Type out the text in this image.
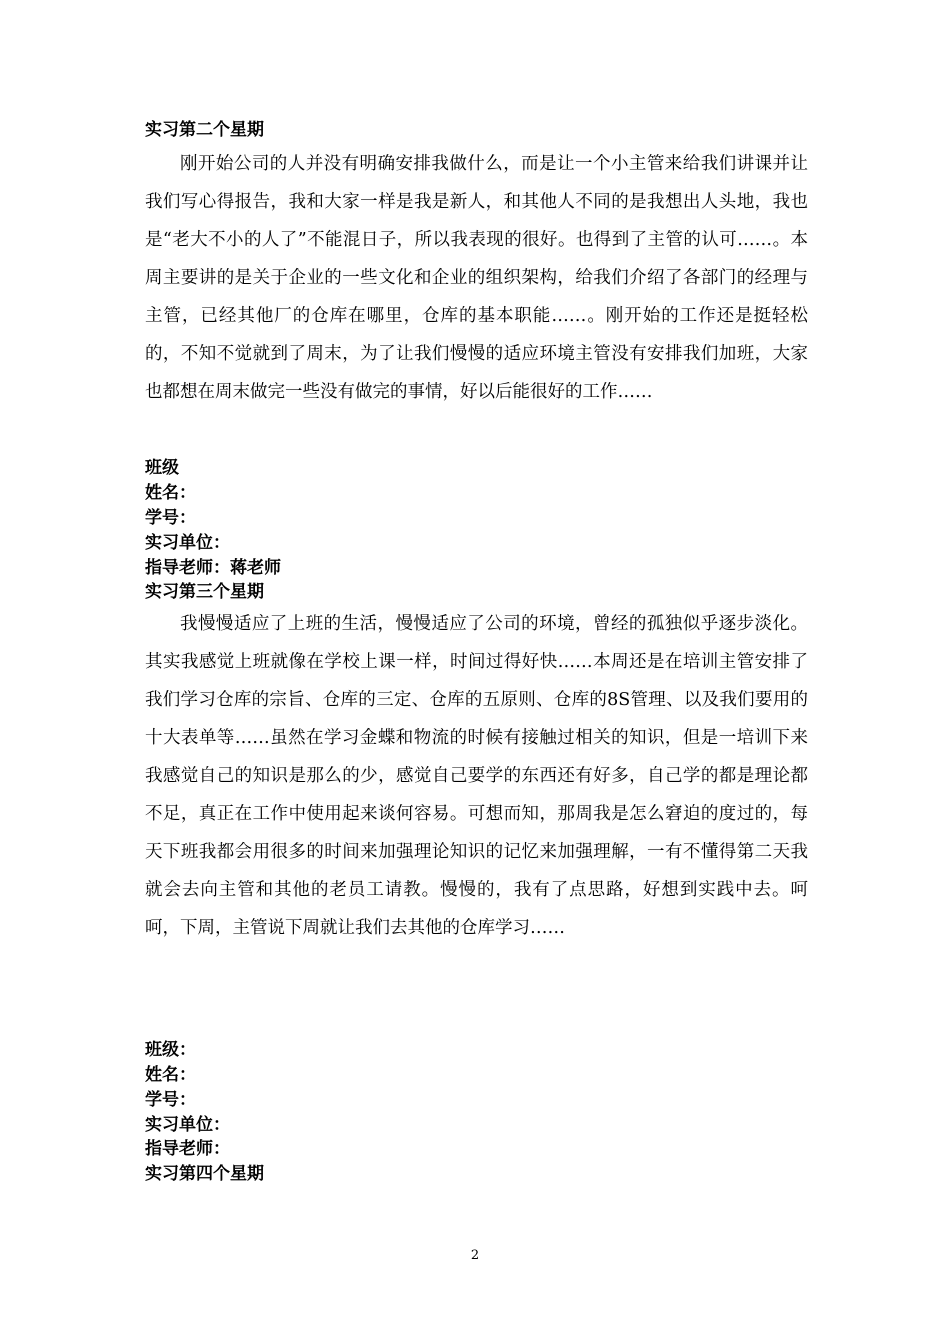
实习第二个星期
刚开始公司的人并没有明确安排我做什么，而是让一个小主管来给我们讲课并让我们写心得报告，我和大家一样是我是新人，和其他人不同的是我想出人头地，我也是“老大不小的人了”不能混日子，所以我表现的很好。也得到了主管的认可……。本周主要讲的是关于企业的一些文化和企业的组织架构，给我们介绍了各部门的经理与主管，已经其他厂的仓库在哪里，仓库的基本职能……。刚开始的工作还是挺轻松的，不知不觉就到了周末，为了让我们慢慢的适应环境主管没有安排我们加班，大家也都想在周末做完一些没有做完的事情，好以后能很好的工作……
班级
姓名：
学号：
实习单位：
指导老师：蒋老师
实习第三个星期
我慢慢适应了上班的生活，慢慢适应了公司的环境，曾经的孤独似乎逐步淡化。其实我感觉上班就像在学校上课一样，时间过得好快……本周还是在培训主管安排了我们学习仓库的宗旨、仓库的三定、仓库的五原则、仓库的8S管理、以及我们要用的十大表单等……虽然在学习金蝶和物流的时候有接触过相关的知识，但是一培训下来我感觉自己的知识是那么的少，感觉自己要学的东西还有好多，自己学的都是理论都不足，真正在工作中使用起来谈何容易。可想而知，那周我是怎么窘迫的度过的，每天下班我都会用很多的时间来加强理论知识的记忆来加强理解，一有不懂得第二天我就会去向主管和其他的老员工请教。慢慢的，我有了点思路，好想到实践中去。呵呵，下周，主管说下周就让我们去其他的仓库学习……
班级：
姓名：
学号：
实习单位：
指导老师：
实习第四个星期
2
